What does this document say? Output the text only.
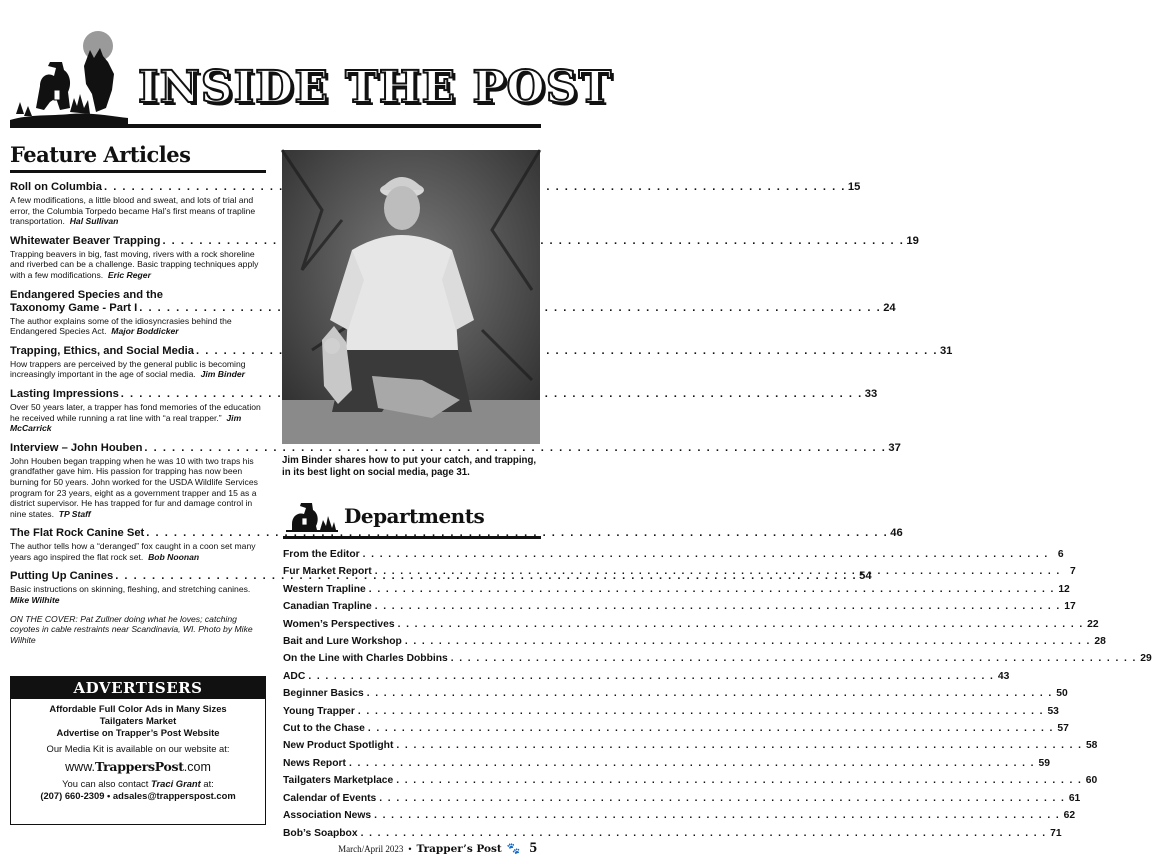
INSIDE THE POST
Feature Articles
Roll on Columbia . . .	15
A few modifications, a little blood and sweat, and lots of trial and error, the Columbia Torpedo became Hal’s first means of trapline transportation. Hal Sullivan
Whitewater Beaver Trapping . . .	19
Trapping beavers in big, fast moving, rivers with a rock shoreline and riverbed can be a challenge. Basic trapping techniques apply with a few modifications. Eric Reger
Endangered Species and the
Taxonomy Game - Part I . . .	24
The author explains some of the idiosyncrasies behind the Endangered Species Act. Major Boddicker
Trapping, Ethics, and Social Media . . .	31
How trappers are perceived by the general public is becoming increasingly important in the age of social media. Jim Binder
Lasting Impressions . . .	33
Over 50 years later, a trapper has fond memories of the education he received while running a rat line with “a real trapper.” Jim McCarrick
Interview – John Houben . . .	37
John Houben began trapping when he was 10 with two traps his grandfather gave him. His passion for trapping has now been burning for 50 years. John worked for the USDA Wildlife Services program for 23 years, eight as a government trapper and 15 as a district supervisor. He has trapped for fur and damage control in nine states. TP Staff
The Flat Rock Canine Set . . .	46
The author tells how a “deranged” fox caught in a coon set many years ago inspired the flat rock set. Bob Noonan
Putting Up Canines . . .	54
Basic instructions on skinning, fleshing, and stretching canines.  Mike Wilhite
ON THE COVER: Pat Zullner doing what he loves; catching coyotes in cable restraints near Scandinavia, WI. Photo by Mike Wilhite
ADVERTISERS
Affordable Full Color Ads in Many Sizes
Tailgaters Market
Advertise on Trapper’s Post Website
Our Media Kit is available on our website at:
www.TrappersPost.com
You can also contact Traci Grant at:
(207) 660-2309 • adsales@trapperspost.com
Jim Binder shares how to put your catch, and trapping, in its best light on social media, page 31.
Departments
From the Editor . . .	6
Fur Market Report . . .	7
Western Trapline . . .	12
Canadian Trapline . . .	17
Women’s Perspectives . . .	22
Bait and Lure Workshop . . .	28
On the Line with Charles Dobbins . . .	29
ADC . . .	43
Beginner Basics . . .	50
Young Trapper . . .	53
Cut to the Chase . . .	57
New Product Spotlight . . .	58
News Report . . .	59
Tailgaters Marketplace . . .	60
Calendar of Events . . .	61
Association News . . .	62
Bob’s Soapbox . . .	71
March/April 2023 • Trapper’s Post 🐾 5
